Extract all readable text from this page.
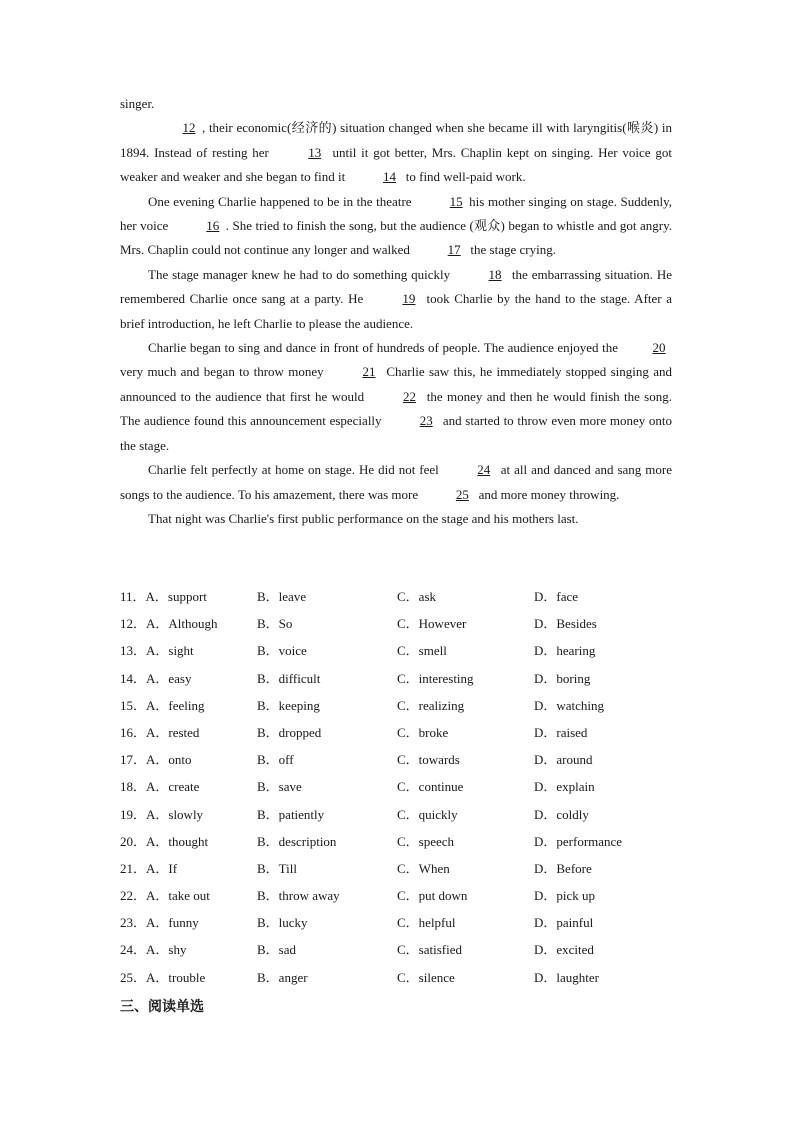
singer.

12 , their economic(经济的) situation changed when she became ill with laryngitis(喉炎) in 1894. Instead of resting her	13 until it got better, Mrs. Chaplin kept on singing. Her voice got weaker and weaker and she began to find it	14 to find well-paid work.

One evening Charlie happened to be in the theatre	15 his mother singing on stage. Suddenly, her voice	16 . She tried to finish the song, but the audience (观众) began to whistle and got angry. Mrs. Chaplin could not continue any longer and walked	17 the stage crying.

The stage manager knew he had to do something quickly	18 the embarrassing situation. He remembered Charlie once sang at a party. He	19 took Charlie by the hand to the stage. After a brief introduction, he left Charlie to please the audience.

Charlie began to sing and dance in front of hundreds of people. The audience enjoyed the	20 very much and began to throw money	21 Charlie saw this, he immediately stopped singing and announced to the audience that first he would	22 the money and then he would finish the song. The audience found this announcement especially	23 and started to throw even more money onto the stage.

Charlie felt perfectly at home on stage. He did not feel	24 at all and danced and sang more songs to the audience. To his amazement, there was more	25 and more money throwing.

That night was Charlie's first public performance on the stage and his mothers last.

11．A．support	B．leave	C．ask	D．face
12．A．Although	B．So	C．However	D．Besides
13．A．sight	B．voice	C．smell	D．hearing
14．A．easy	B．difficult	C．interesting	D．boring
15．A．feeling	B．keeping	C．realizing	D．watching
16．A．rested	B．dropped	C．broke	D．raised
17．A．onto	B．off	C．towards	D．around
18．A．create	B．save	C．continue	D．explain
19．A．slowly	B．patiently	C．quickly	D．coldly
20．A．thought	B．description	C．speech	D．performance
21．A．If	B．Till	C．When	D．Before
22．A．take out	B．throw away	C．put down	D．pick up
23．A．funny	B．lucky	C．helpful	D．painful
24．A．shy	B．sad	C．satisfied	D．excited
25．A．trouble	B．anger	C．silence	D．laughter
三、阅读单选
